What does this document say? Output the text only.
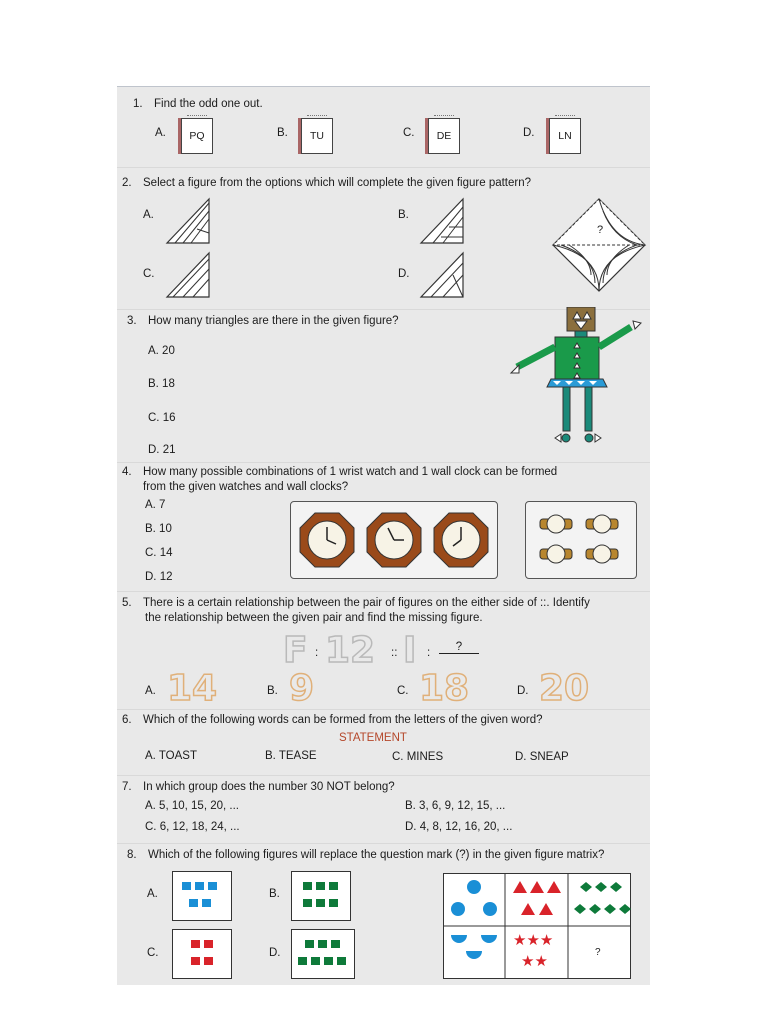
1. Find the odd one out.
A.	PQ	B.	TU	C.	DE	D.	LN
2. Select a figure from the options which will complete the given figure pattern?
A.	B.
?
C.	D.
3. How many triangles are there in the given figure?
A. 20
B. 18
C. 16
D. 21
4. How many possible combinations of 1 wrist watch and 1 wall clock can be formed
from the given watches and wall clocks?
A. 7
B. 10
C. 14
D. 12
5. There is a certain relationship between the pair of figures on the either side of ::. Identify
the relationship between the given pair and find the missing figure.
F : 12 :: I :	?
A. 14	B. 9	C. 18	D. 20
6. Which of the following words can be formed from the letters of the given word?
STATEMENT
A. TOAST	B. TEASE	C. MINES	D. SNEAP
7. In which group does the number 30 NOT belong?
A. 5, 10, 15, 20, ...	B. 3, 6, 9, 12, 15, ...
C. 6, 12, 18, 24, ...	D. 4, 8, 12, 16, 20, ...
8. Which of the following figures will replace the question mark (?) in the given figure matrix?
A.	B.
C.	D.
★★★
★★	?
